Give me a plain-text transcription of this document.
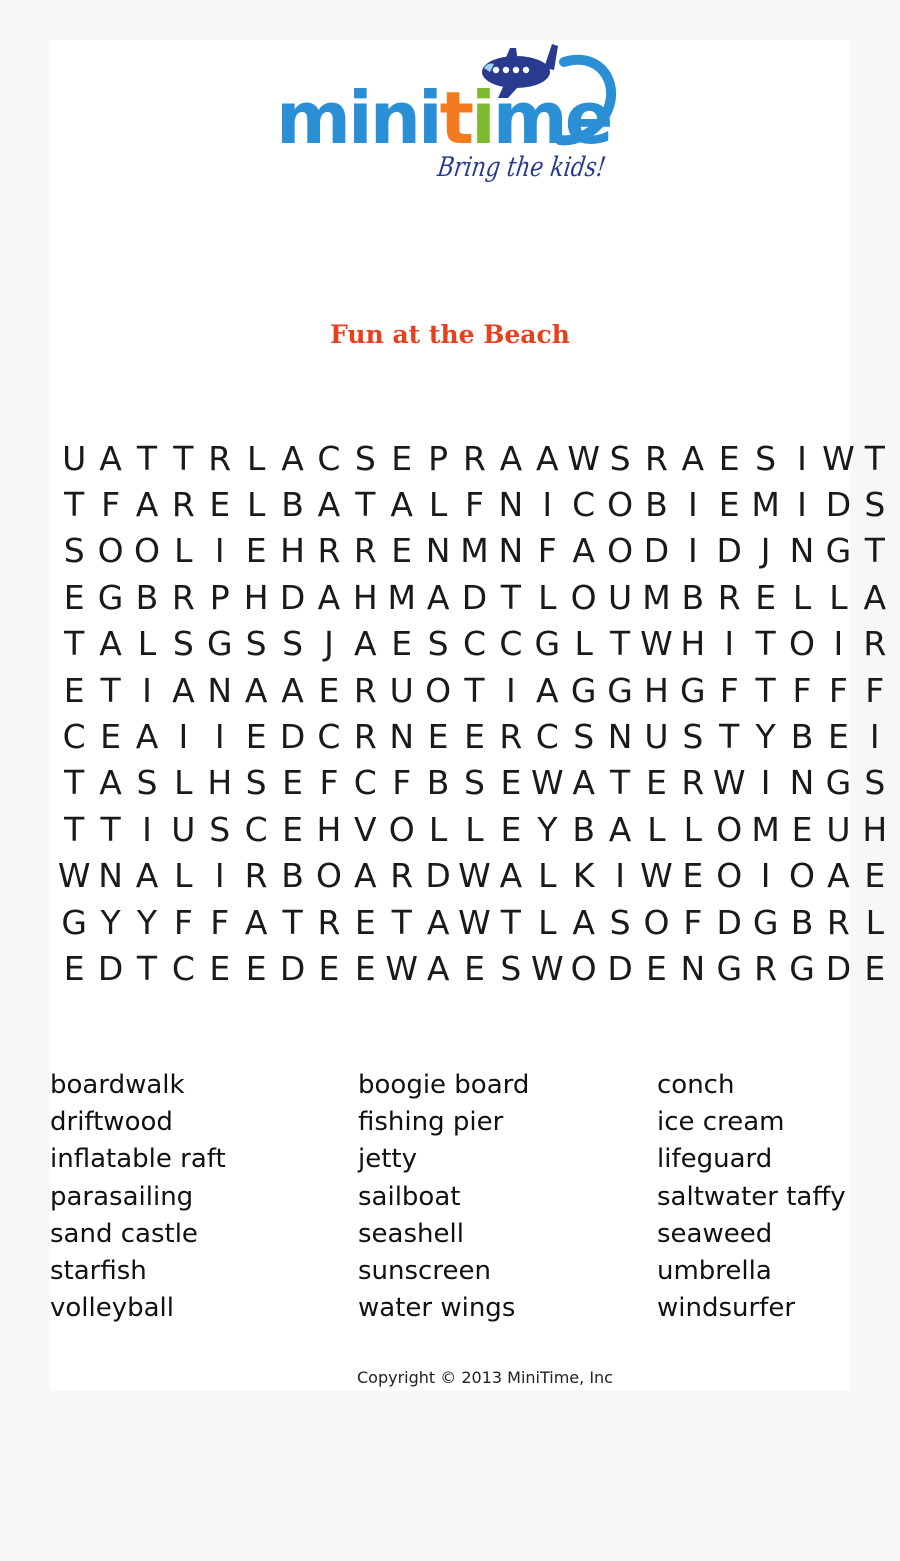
minitime
Bring the kids!
Fun at the Beach
U A T T R L A C S E P R A A W S R A E S I W T
T F A R E L B A T A L F N I C O B I E M I D S
S O O L I E H R R E N M N F A O D I D J N G T
E G B R P H D A H M A D T L O U M B R E L L A
T A L S G S S J A E S C C G L T W H I T O I R
E T I A N A A E R U O T I A G G H G F T F F F
C E A I I E D C R N E E R C S N U S T Y B E I
T A S L H S E F C F B S E W A T E R W I N G S
T T I U S C E H V O L L E Y B A L L O M E U H
W N A L I R B O A R D W A L K I W E O I O A E
G Y Y F F A T R E T A W T L A S O F D G B R L
E D T C E E D E E W A E S W O D E N G R G D E
boardwalk
driftwood
inflatable raft
parasailing
sand castle
starfish
volleyball
boogie board
fishing pier
jetty
sailboat
seashell
sunscreen
water wings
conch
ice cream
lifeguard
saltwater taffy
seaweed
umbrella
windsurfer
Copyright © 2013 MiniTime, Inc
